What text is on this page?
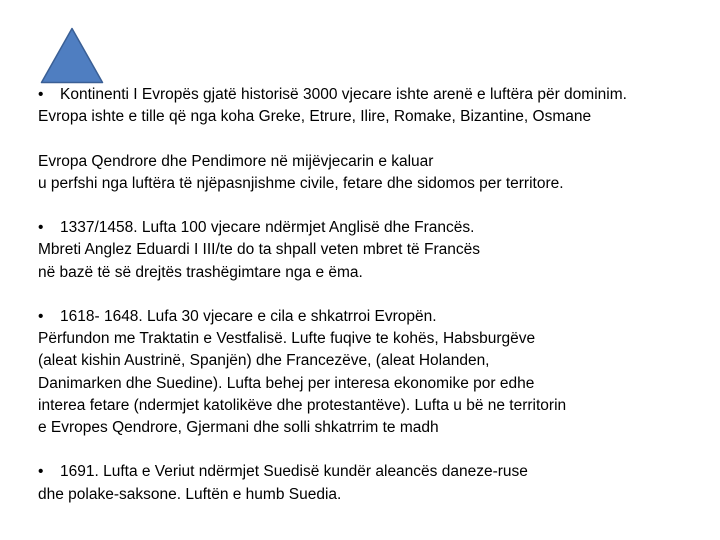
• Kontinenti I Evropës gjatë historisë 3000 vjecare ishte arenë e luftëra për dominim.
Evropa ishte e tille që nga koha Greke, Etrure, Ilire, Romake, Bizantine, Osmane
Evropa Qendrore dhe Pendimore në mijëvjecarin e kaluar
u perfshi nga luftëra të njëpasnjishme civile, fetare dhe sidomos per territore.
• 1337/1458. Lufta 100 vjecare ndërmjet Anglisë dhe Francës.
Mbreti Anglez Eduardi I III/te do ta shpall veten mbret të Francës
në bazë të së drejtës trashëgimtare nga e ëma.
• 1618- 1648. Lufa 30 vjecare e cila e shkatrroi Evropën.
Përfundon me Traktatin e Vestfalisë. Lufte fuqive te kohës, Habsburgëve
(aleat kishin Austrinë, Spanjën) dhe Francezëve, (aleat Holanden,
Danimarken dhe Suedine). Lufta behej per interesa ekonomike por edhe
interea fetare (ndermjet katolikëve dhe protestantëve). Lufta u bë ne territorin
e Evropes Qendrore, Gjermani dhe solli shkatrrim te madh
• 1691. Lufta e Veriut ndërmjet Suedisë kundër aleancës daneze-ruse
dhe polake-saksone. Luftën e humb Suedia.
